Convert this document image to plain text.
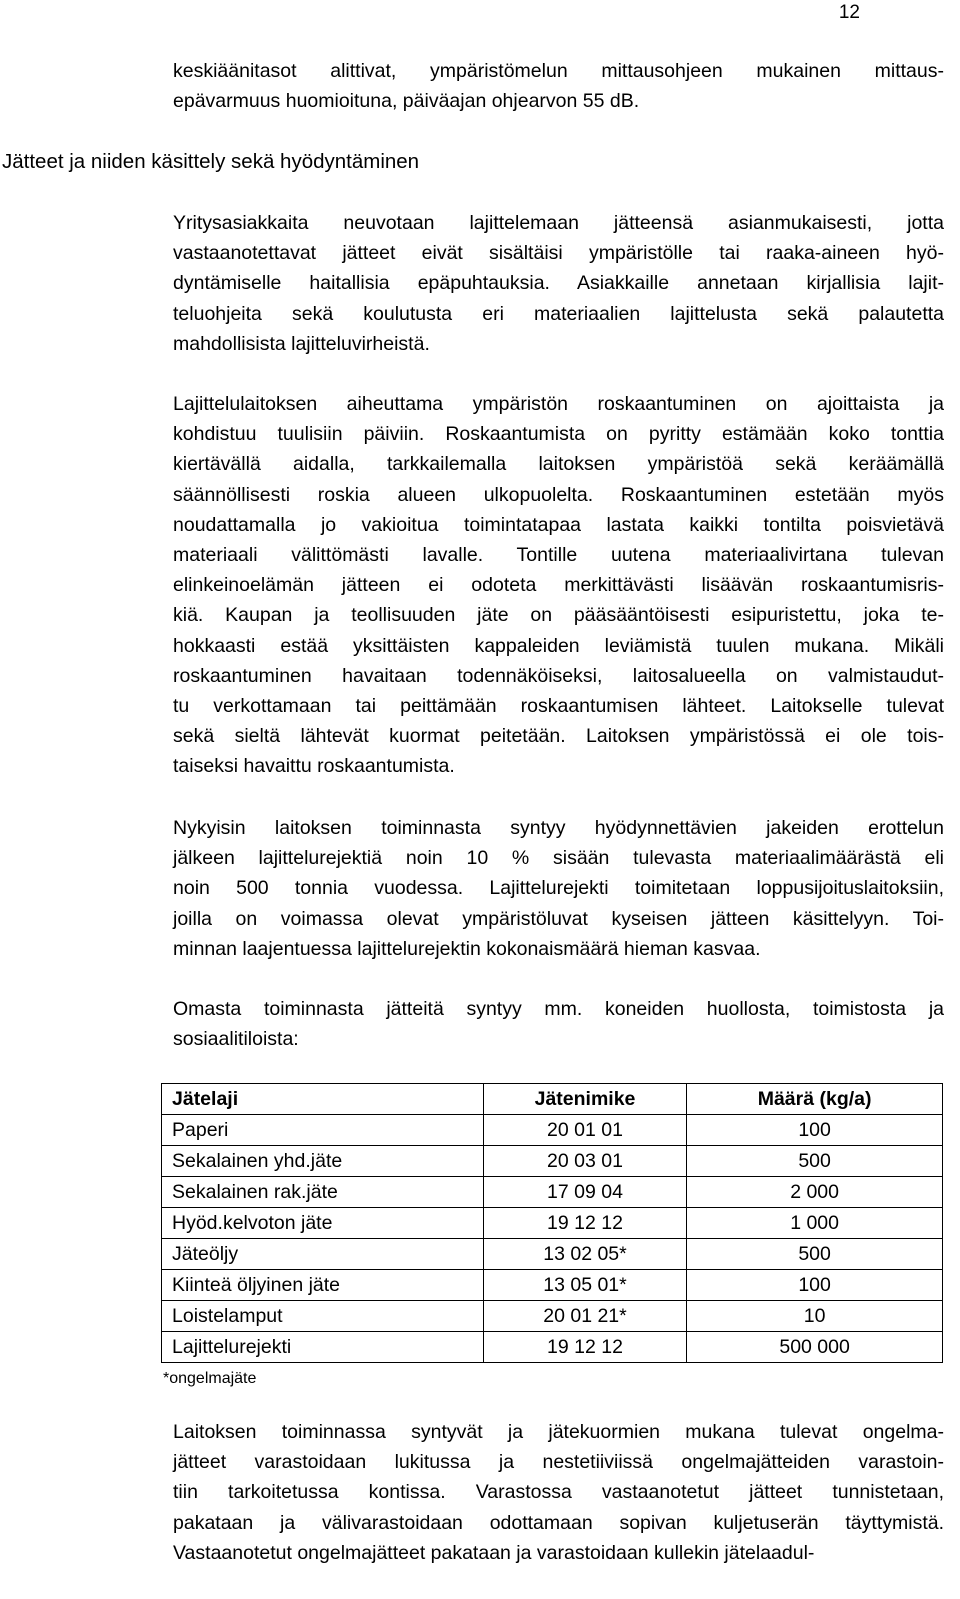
12

keskiäänitasot alittivat, ympäristömelun mittausohjeen mukainen mittaus-
epävarmuus huomioituna, päiväajan ohjearvon 55 dB.

Jätteet ja niiden käsittely sekä hyödyntäminen

Yritysasiakkaita neuvotaan lajittelemaan jätteensä asianmukaisesti, jotta
vastaanotettavat jätteet eivät sisältäisi ympäristölle tai raaka-aineen hyö-
dyntämiselle haitallisia epäpuhtauksia. Asiakkaille annetaan kirjallisia lajit-
teluohjeita sekä koulutusta eri materiaalien lajittelusta sekä palautetta
mahdollisista lajitteluvirheistä.

Lajittelulaitoksen aiheuttama ympäristön roskaantuminen on ajoittaista ja
kohdistuu tuulisiin päiviin. Roskaantumista on pyritty estämään koko tonttia
kiertävällä aidalla, tarkkailemalla laitoksen ympäristöä sekä keräämällä
säännöllisesti roskia alueen ulkopuolelta. Roskaantuminen estetään myös
noudattamalla jo vakioitua toimintatapaa lastata kaikki tontilta poisvietävä
materiaali välittömästi lavalle. Tontille uutena materiaalivirtana tulevan
elinkeinoelämän jätteen ei odoteta merkittävästi lisäävän roskaantumisris-
kiä. Kaupan ja teollisuuden jäte on pääsääntöisesti esipuristettu, joka te-
hokkaasti estää yksittäisten kappaleiden leviämistä tuulen mukana. Mikäli
roskaantuminen havaitaan todennäköiseksi, laitosalueella on valmistaudut-
tu verkottamaan tai peittämään roskaantumisen lähteet. Laitokselle tulevat
sekä sieltä lähtevät kuormat peitetään. Laitoksen ympäristössä ei ole tois-
taiseksi havaittu roskaantumista.

Nykyisin laitoksen toiminnasta syntyy hyödynnettävien jakeiden erottelun
jälkeen lajittelurejektiä noin 10 % sisään tulevasta materiaalimäärästä eli
noin 500 tonnia vuodessa. Lajittelurejekti toimitetaan loppusijoituslaitoksiin,
joilla on voimassa olevat ympäristöluvat kyseisen jätteen käsittelyyn. Toi-
minnan laajentuessa lajittelurejektin kokonaismäärä hieman kasvaa.

Omasta toiminnasta jätteitä syntyy mm. koneiden huollosta, toimistosta ja
sosiaalitiloista:

Jätelaji	Jätenimike	Määrä (kg/a)
Paperi	20 01 01	100
Sekalainen yhd.jäte	20 03 01	500
Sekalainen rak.jäte	17 09 04	2 000
Hyöd.kelvoton jäte	19 12 12	1 000
Jäteöljy	13 02 05*	500
Kiinteä öljyinen jäte	13 05 01*	100
Loistelamput	20 01 21*	10
Lajittelurejekti	19 12 12	500 000
*ongelmajäte

Laitoksen toiminnassa syntyvät ja jätekuormien mukana tulevat ongelma-
jätteet varastoidaan lukitussa ja nestetiiviissä ongelmajätteiden varastoin-
tiin tarkoitetussa kontissa. Varastossa vastaanotetut jätteet tunnistetaan,
pakataan ja välivarastoidaan odottamaan sopivan kuljetuserän täyttymistä.
Vastaanotetut ongelmajätteet pakataan ja varastoidaan kullekin jätelaadul-
